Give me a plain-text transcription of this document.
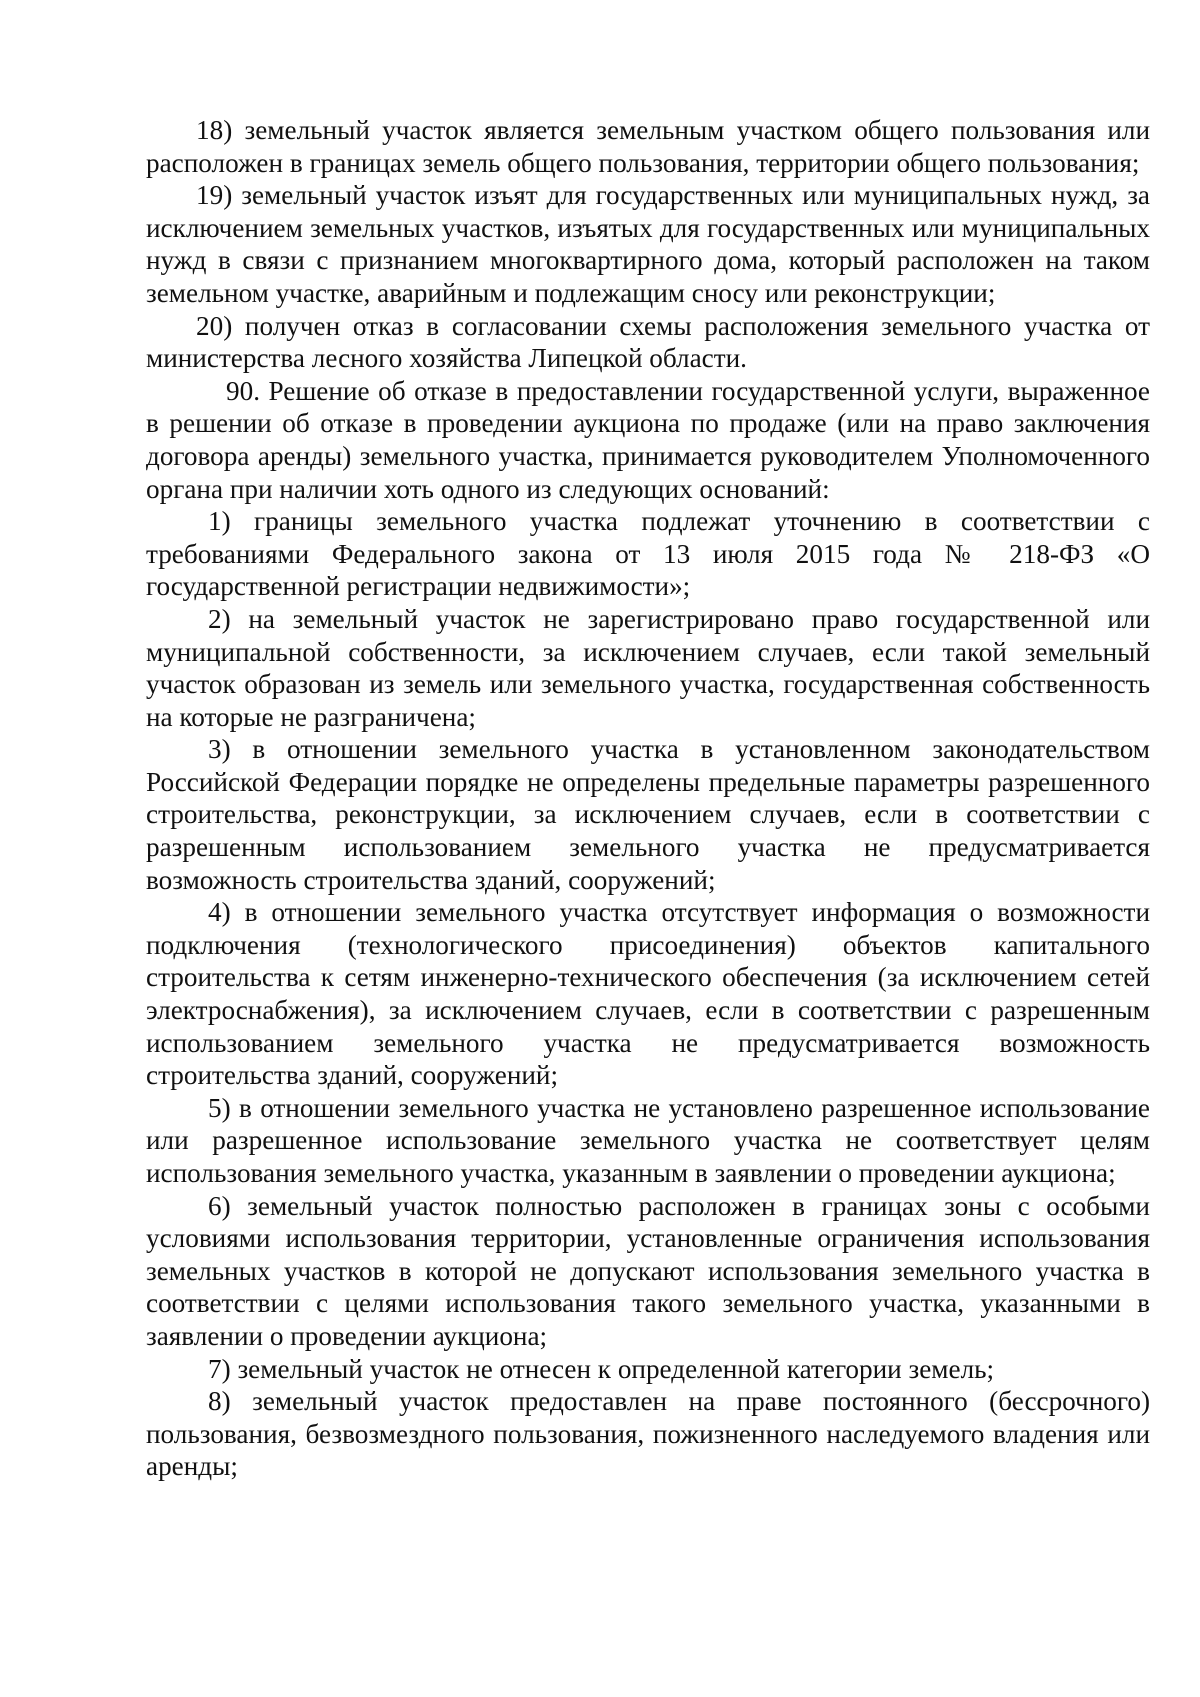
18) земельный участок является земельным участком общего пользования или расположен в границах земель общего пользования, территории общего пользования;

19) земельный участок изъят для государственных или муниципальных нужд, за исключением земельных участков, изъятых для государственных или муниципальных нужд в связи с признанием многоквартирного дома, который расположен на таком земельном участке, аварийным и подлежащим сносу или реконструкции;

20) получен отказ в согласовании схемы расположения земельного участка от министерства лесного хозяйства Липецкой области.

90. Решение об отказе в предоставлении государственной услуги, выраженное в решении об отказе в проведении аукциона по продаже (или на право заключения договора аренды) земельного участка, принимается руководителем Уполномоченного органа при наличии хоть одного из следующих оснований:

1) границы земельного участка подлежат уточнению в соответствии с требованиями Федерального закона от 13 июля 2015 года № 218-ФЗ «О государственной регистрации недвижимости»;

2) на земельный участок не зарегистрировано право государственной или муниципальной собственности, за исключением случаев, если такой земельный участок образован из земель или земельного участка, государственная собственность на которые не разграничена;

3) в отношении земельного участка в установленном законодательством Российской Федерации порядке не определены предельные параметры разрешенного строительства, реконструкции, за исключением случаев, если в соответствии с разрешенным использованием земельного участка не предусматривается возможность строительства зданий, сооружений;

4) в отношении земельного участка отсутствует информация о возможности подключения (технологического присоединения) объектов капитального строительства к сетям инженерно-технического обеспечения (за исключением сетей электроснабжения), за исключением случаев, если в соответствии с разрешенным использованием земельного участка не предусматривается возможность строительства зданий, сооружений;

5) в отношении земельного участка не установлено разрешенное использование или разрешенное использование земельного участка не соответствует целям использования земельного участка, указанным в заявлении о проведении аукциона;

6) земельный участок полностью расположен в границах зоны с особыми условиями использования территории, установленные ограничения использования земельных участков в которой не допускают использования земельного участка в соответствии с целями использования такого земельного участка, указанными в заявлении о проведении аукциона;

7) земельный участок не отнесен к определенной категории земель;

8) земельный участок предоставлен на праве постоянного (бессрочного) пользования, безвозмездного пользования, пожизненного наследуемого владения или аренды;
